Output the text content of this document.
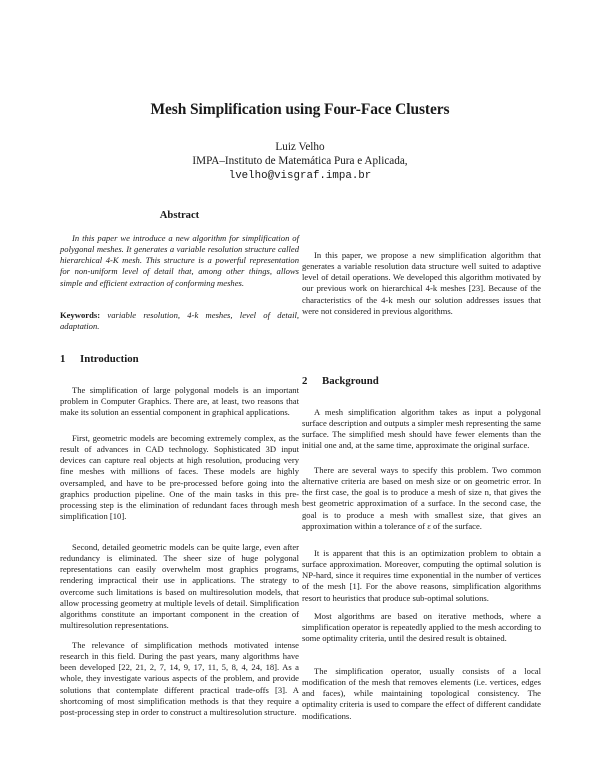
Mesh Simplification using Four-Face Clusters
Luiz Velho
IMPA–Instituto de Matemática Pura e Aplicada,
lvelho@visgraf.impa.br
Abstract

In this paper we introduce a new algorithm for simplification of polygonal meshes. It generates a variable resolution structure called hierarchical 4-K mesh. This structure is a powerful representation for non-uniform level of detail that, among other things, allows simple and efficient extraction of conforming meshes.

Keywords: variable resolution, 4-k meshes, level of detail, adaptation.

1 Introduction

The simplification of large polygonal models is an important problem in Computer Graphics. There are, at least, two reasons that make its solution an essential component in graphical applications.

First, geometric models are becoming extremely complex, as the result of advances in CAD technology. Sophisticated 3D input devices can capture real objects at high resolution, producing very fine meshes with millions of faces. These models are highly oversampled, and have to be pre-processed before going into the graphics production pipeline. One of the main tasks in this pre-processing step is the elimination of redundant faces through mesh simplification [10].

Second, detailed geometric models can be quite large, even after redundancy is eliminated. The sheer size of huge polygonal representations can easily overwhelm most graphics programs, rendering impractical their use in applications. The strategy to overcome such limitations is based on multiresolution models, that allow processing geometry at multiple levels of detail. Simplification algorithms constitute an important component in the creation of multiresolution representations.

The relevance of simplification methods motivated intense research in this field. During the past years, many algorithms have been developed [22, 21, 2, 7, 14, 9, 17, 11, 5, 8, 4, 24, 18]. As a whole, they investigate various aspects of the problem, and provide solutions that contemplate different practical trade-offs [3]. A shortcoming of most simplification methods is that they require a post-processing step in order to construct a multiresolution structure.

In this paper, we propose a new simplification algorithm that generates a variable resolution data structure well suited to adaptive level of detail operations. We developed this algorithm motivated by our previous work on hierarchical 4-k meshes [23]. Because of the characteristics of the 4-k mesh our solution addresses issues that were not considered in previous algorithms.

2 Background

A mesh simplification algorithm takes as input a polygonal surface description and outputs a simpler mesh representing the same surface. The simplified mesh should have fewer elements than the initial one and, at the same time, approximate the original surface.

There are several ways to specify this problem. Two common alternative criteria are based on mesh size or on geometric error. In the first case, the goal is to produce a mesh of size n, that gives the best geometric approximation of a surface. In the second case, the goal is to produce a mesh with smallest size, that gives an approximation within a tolerance of ε of the surface.

It is apparent that this is an optimization problem to obtain a surface approximation. Moreover, computing the optimal solution is NP-hard, since it requires time exponential in the number of vertices of the mesh [1]. For the above reasons, simplification algorithms resort to heuristics that produce sub-optimal solutions.

Most algorithms are based on iterative methods, where a simplification operator is repeatedly applied to the mesh according to some optimality criteria, until the desired result is obtained.

The simplification operator, usually consists of a local modification of the mesh that removes elements (i.e. vertices, edges and faces), while maintaining topological consistency. The optimality criteria is used to compare the effect of different candidate modifications.
